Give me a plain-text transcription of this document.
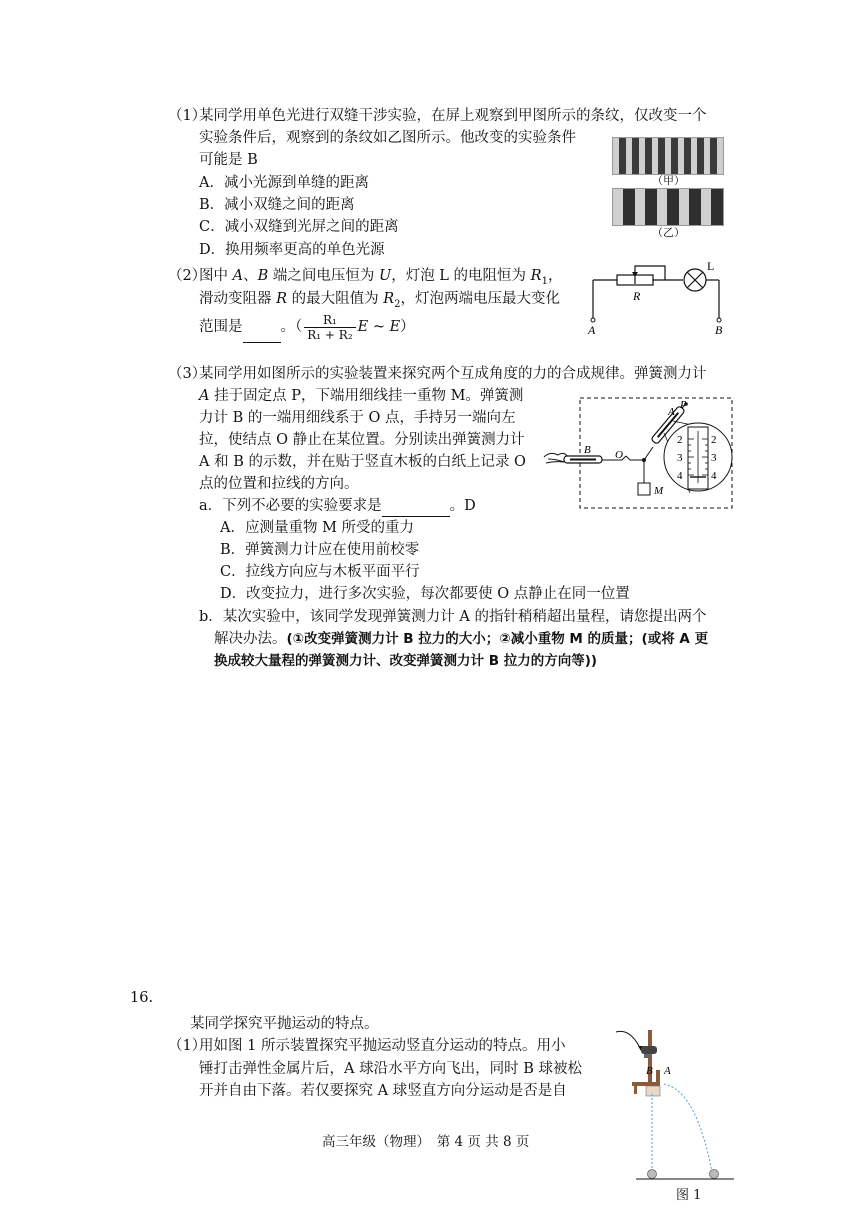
（1）
某同学用单色光进行双缝干涉实验，在屏上观察到甲图所示的条纹，仅改变一个
实验条件后，观察到的条纹如乙图所示。他改变的实验条件
可能是 B
A．减小光源到单缝的距离
B．减小双缝之间的距离
C．减小双缝到光屏之间的距离
D．换用频率更高的单色光源
（甲）
（乙）
（2）
图中 A、B 端之间电压恒为 U，灯泡 L 的电阻恒为 $R_1$，
滑动变阻器 R 的最大阻值为 $R_2$，灯泡两端电压最大变化
范围是	。（ $\frac{\text{R₁}}{\text{R₁ + R₂}}$ E ~ E）
R
L
A	B
（3）
某同学用如图所示的实验装置来探究两个互成角度的力的合成规律。弹簧测力计
A 挂于固定点 P，下端用细线挂一重物 M。弹簧测
力计 B 的一端用细线系于 O 点，手持另一端向左
拉，使结点 O 静止在某位置。分别读出弹簧测力计
A 和 B 的示数，并在贴于竖直木板的白纸上记录 O
点的位置和拉线的方向。
a．下列不必要的实验要求是	。D
A．应测量重物 M 所受的重力
B．弹簧测力计应在使用前校零
C．拉线方向应与木板平面平行
D．改变拉力，进行多次实验，每次都要使 O 点静止在同一位置
b．某次实验中，该同学发现弹簧测力计 A 的指针稍稍超出量程，请您提出两个
解决办法。(①改变弹簧测力计 B 拉力的大小；②减小重物 M 的质量；(或将 A 更
换成较大量程的弹簧测力计、改变弹簧测力计 B 拉力的方向等))
2
3
4
2
3
4
P
A
B O
M
16.
某同学探究平抛运动的特点。
（1）
用如图 1 所示装置探究平抛运动竖直分运动的特点。用小
锤打击弹性金属片后，A 球沿水平方向飞出，同时 B 球被松
开并自由下落。若仅要探究 A 球竖直方向分运动是否是自
B A
图 1
高三年级（物理）　第 4 页 共 8 页
